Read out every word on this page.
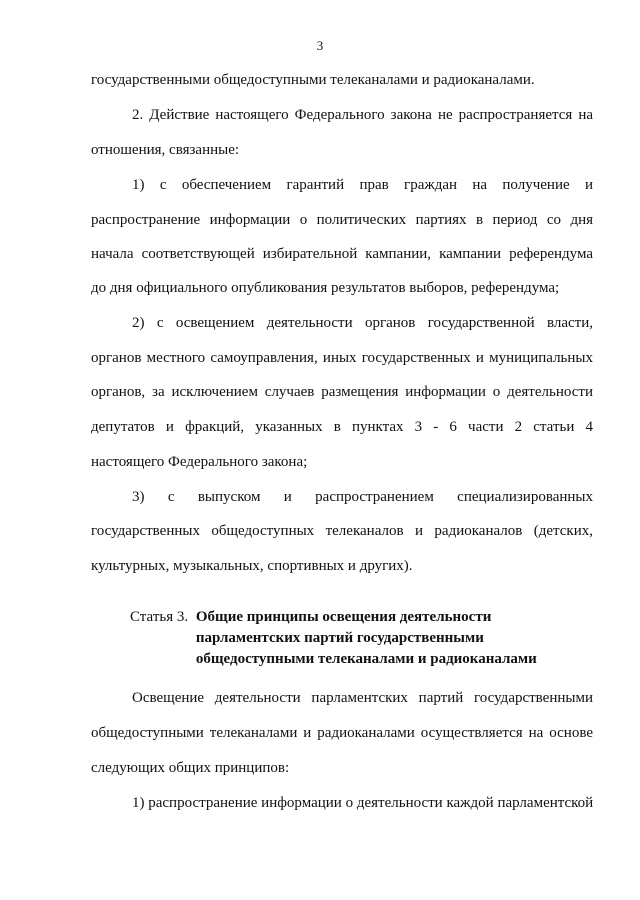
3
государственными общедоступными телеканалами и радиоканалами.
2. Действие настоящего Федерального закона не распространяется на
отношения, связанные:
1) с обеспечением гарантий прав граждан на получение и
распространение информации о политических партиях в период со дня
начала соответствующей избирательной кампании, кампании референдума
до дня официального опубликования результатов выборов, референдума;
2) с освещением деятельности органов государственной власти,
органов местного самоуправления, иных государственных и муниципальных
органов, за исключением случаев размещения информации о деятельности
депутатов и фракций, указанных в пунктах 3 - 6 части 2 статьи 4
настоящего Федерального закона;
3) с выпуском и распространением специализированных
государственных общедоступных телеканалов и радиоканалов (детских,
культурных, музыкальных, спортивных и других).
Статья 3. Общие принципы освещения деятельности
парламентских партий государственными
общедоступными телеканалами и радиоканалами
Освещение деятельности парламентских партий государственными
общедоступными телеканалами и радиоканалами осуществляется на основе
следующих общих принципов:
1) распространение информации о деятельности каждой парламентской
